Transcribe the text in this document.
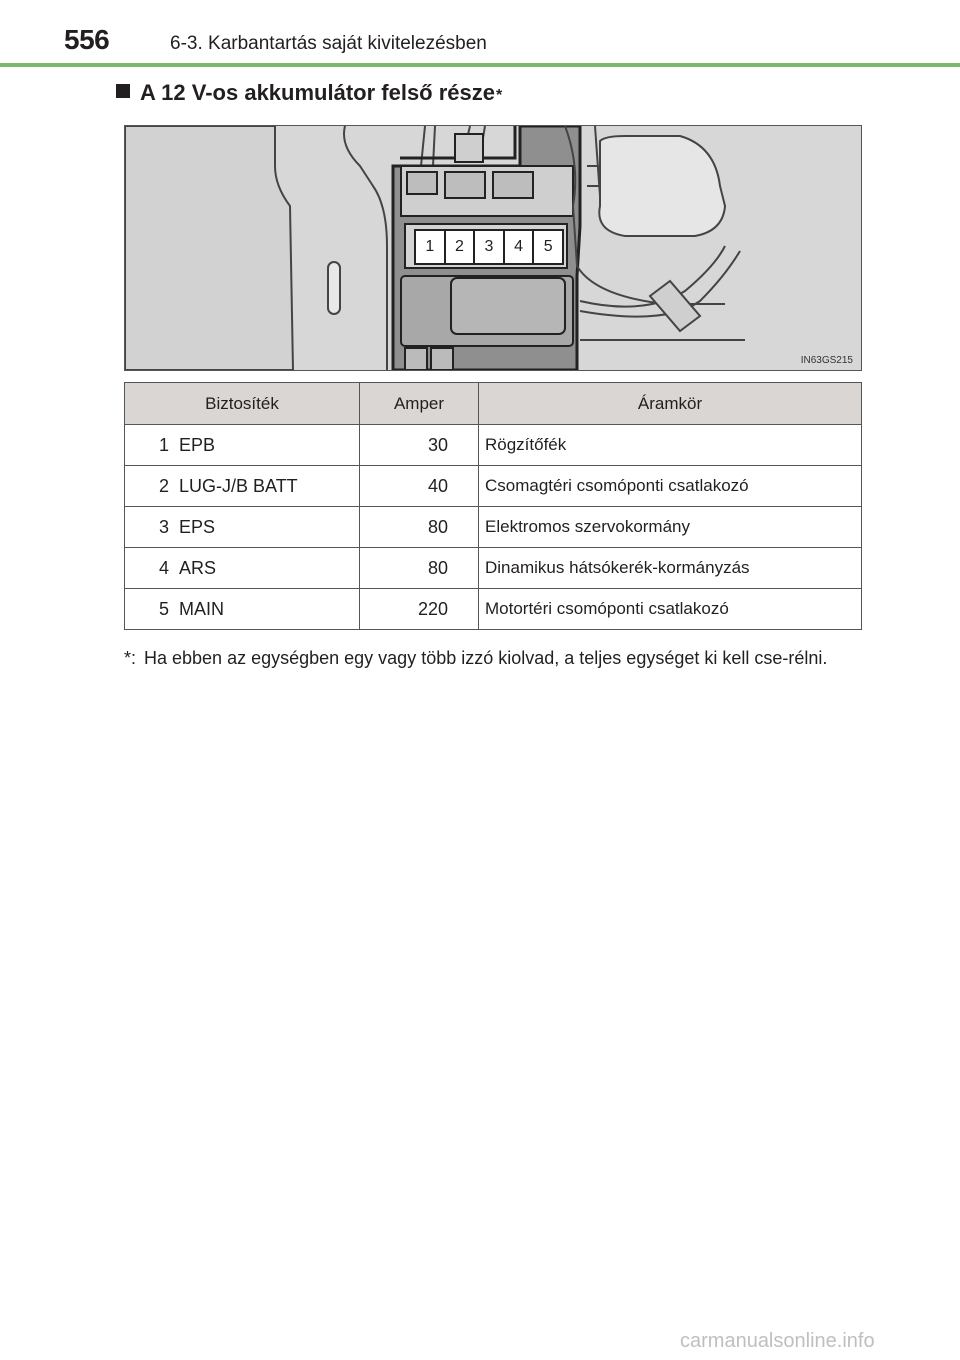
556	6-3. Karbantartás saját kivitelezésben
A 12 V-os akkumulátor felső része *
1	2	3	4	5
IN63GS215
Biztosíték		Amper	Áramkör
1	EPB	30	Rögzítőfék
2	LUG-J/B BATT	40	Csomagtéri csomóponti csatlakozó
3	EPS	80	Elektromos szervokormány
4	ARS	80	Dinamikus hátsókerék-kormányzás
5	MAIN	220	Motortéri csomóponti csatlakozó
*: Ha ebben az egységben egy vagy több izzó kiolvad, a teljes egységet ki kell cse-rélni.
carmanualsonline.info
